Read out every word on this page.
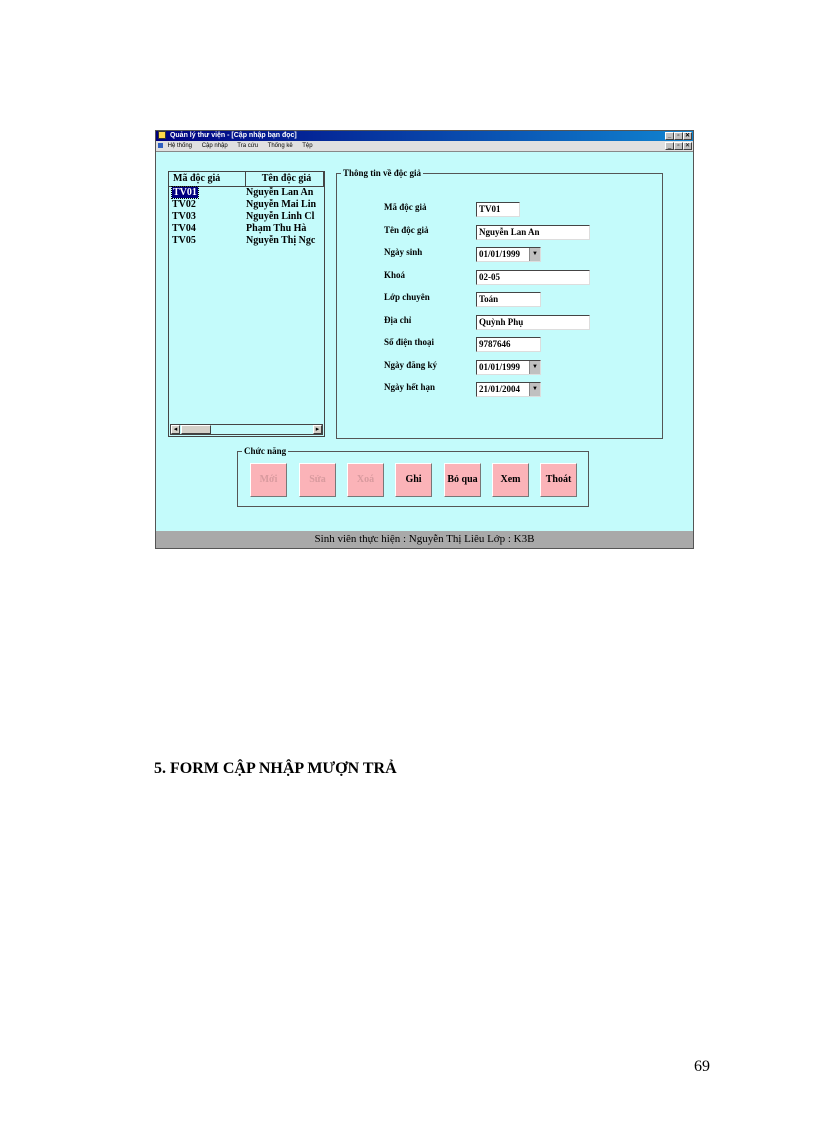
Quản lý thư viện - [Cập nhập bạn đọc]	_	▫ ✕
Hệ thống Cập nhập Tra cứu Thống kê Tệp	_	▫ ✕
Mã độc giả	Tên độc giả
TV01	Nguyễn Lan An
TV02	Nguyễn Mai Lin
TV03	Nguyễn Linh Cl
TV04	Phạm Thu Hà
TV05	Nguyễn Thị Ngc
◂	▸
Thông tin về độc giả
Mã độc giả	TV01
Tên độc giả	Nguyễn Lan An
Ngày sinh	01/01/1999	▼
Khoá	02-05
Lớp chuyên	Toán
Địa chỉ	Quỳnh Phụ
Số điện thoại	9787646
Ngày đăng ký	01/01/1999	▼
Ngày hết hạn	21/01/2004	▼
Chức năng
Mới	Sửa	Xoá	Ghi	Bỏ qua	Xem	Thoát
Sinh viên thực hiện : Nguyễn Thị Liêu Lớp : K3B
5. FORM CẬP NHẬP MƯỢN TRẢ
69
